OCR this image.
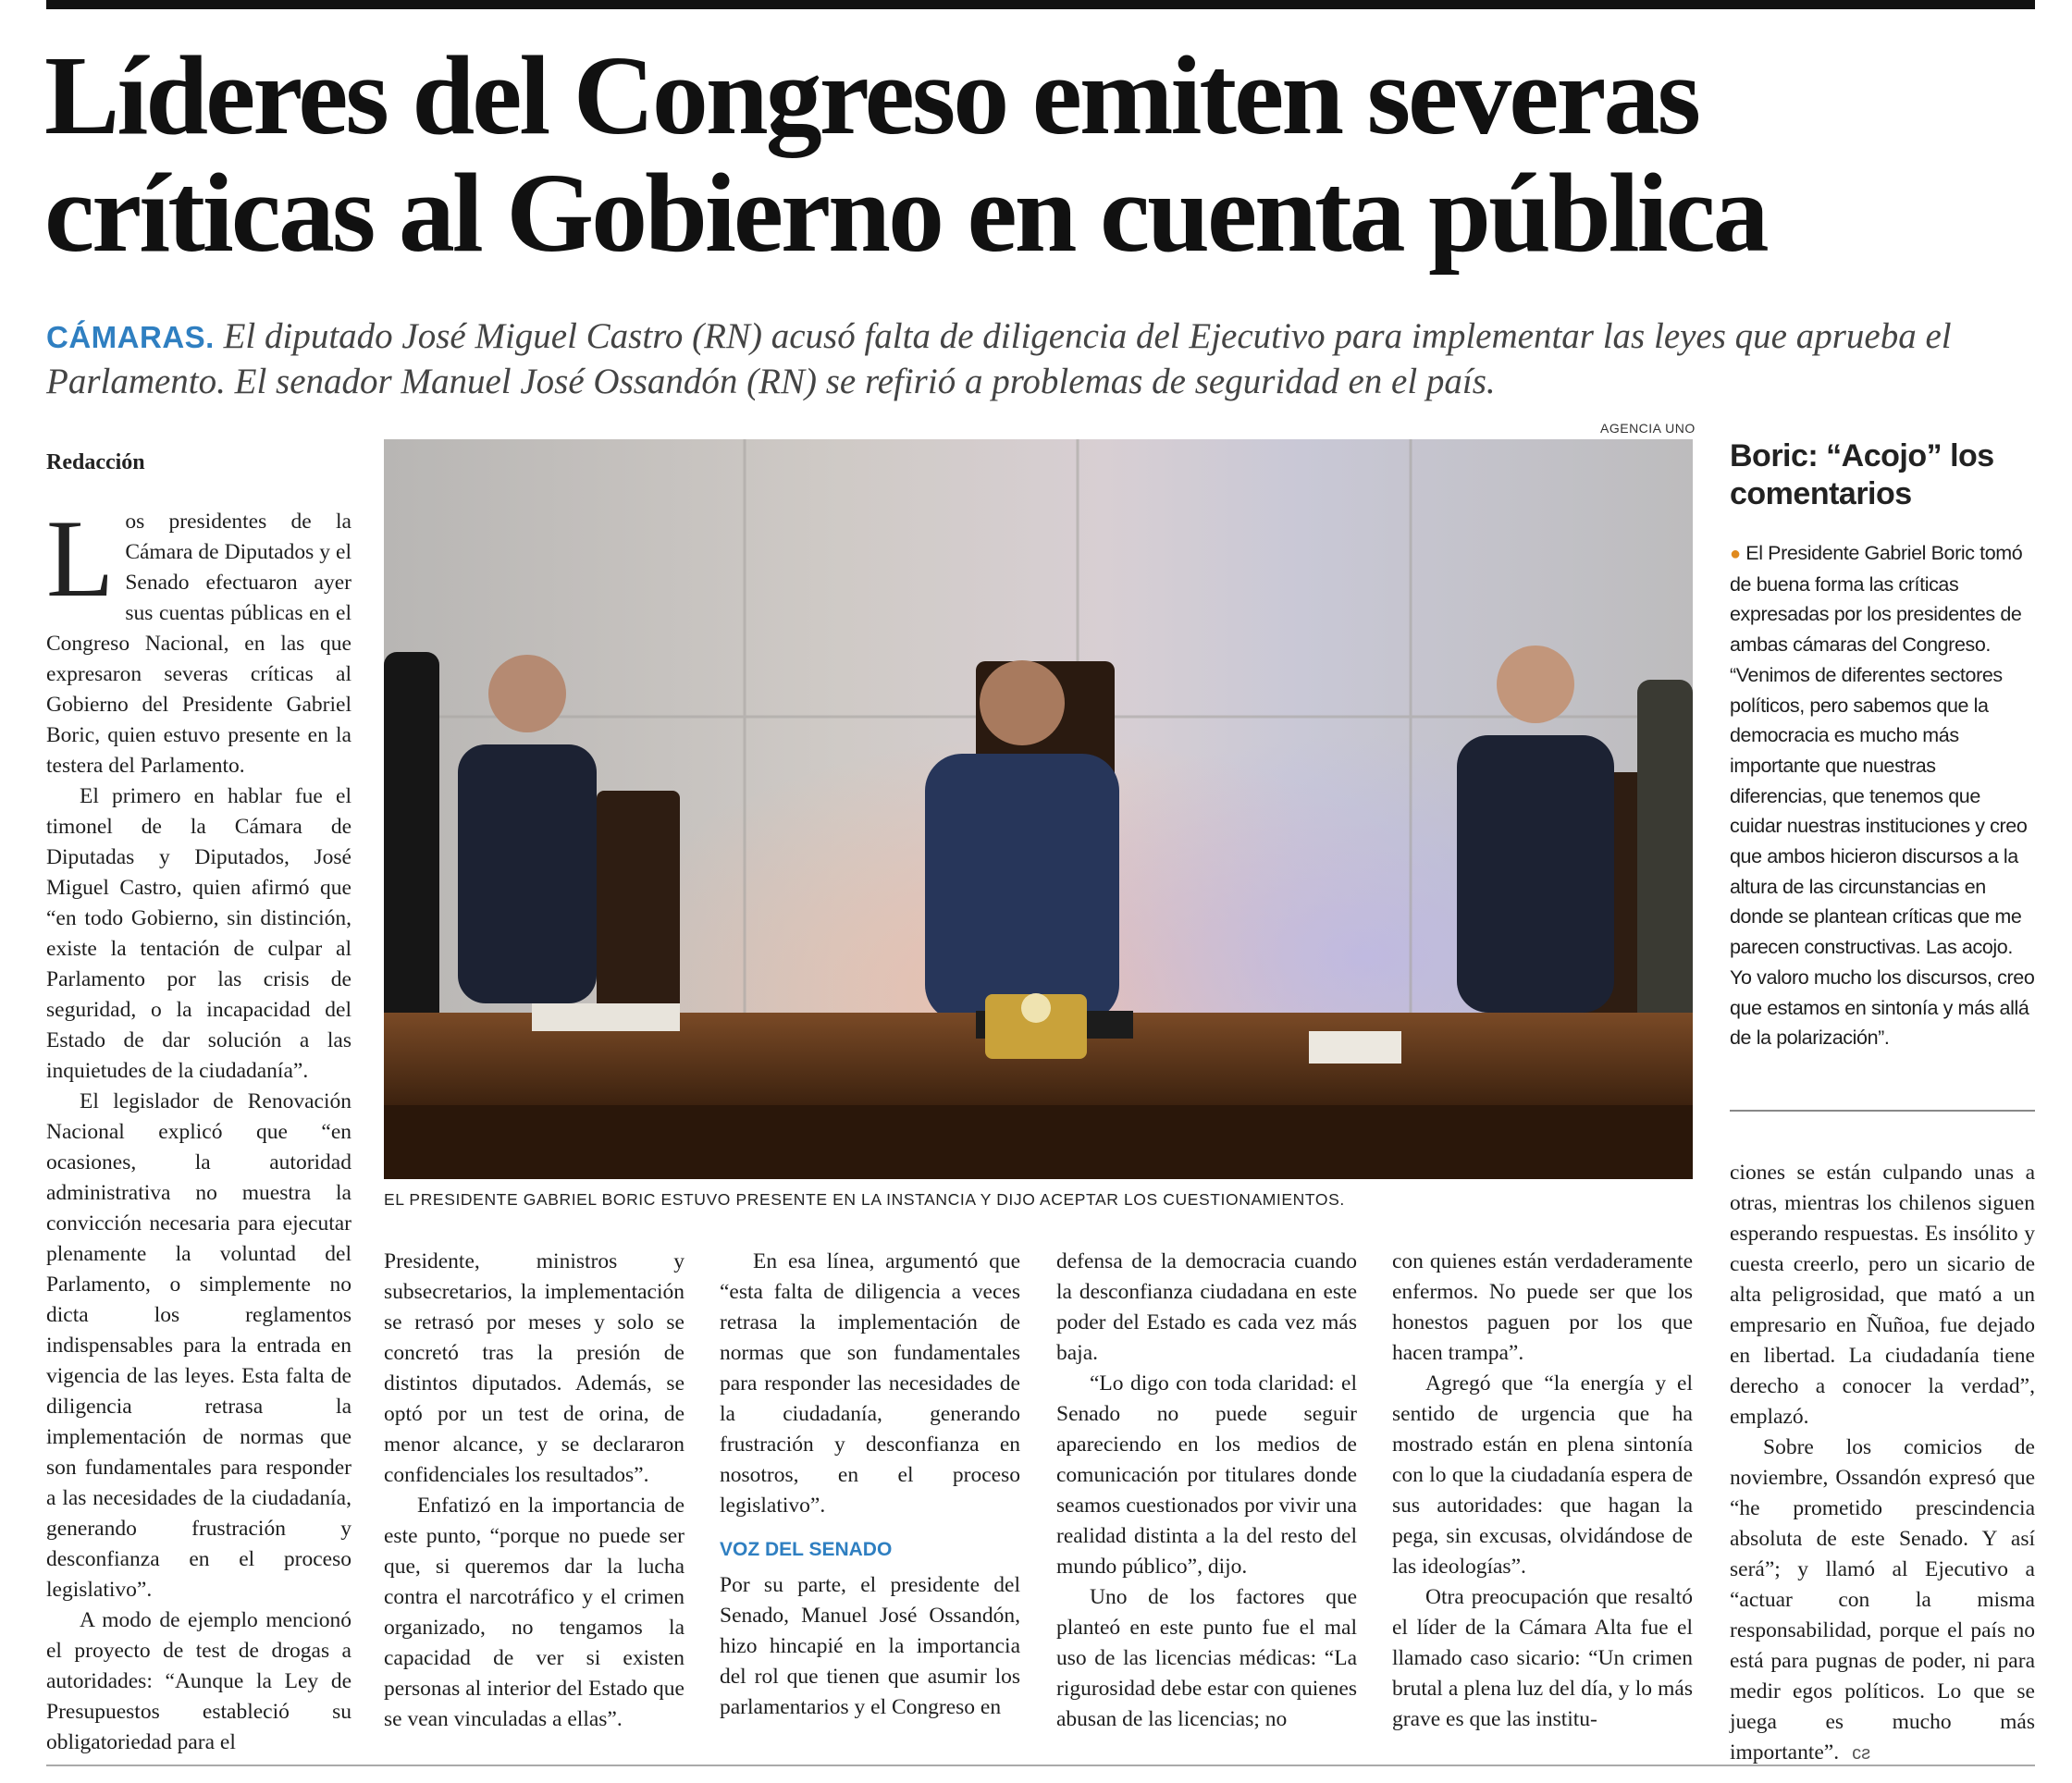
Líderes del Congreso emiten severas críticas al Gobierno en cuenta pública
CÁMARAS. El diputado José Miguel Castro (RN) acusó falta de diligencia del Ejecutivo para implementar las leyes que aprueba el Parlamento. El senador Manuel José Ossandón (RN) se refirió a problemas de seguridad en el país.
Redacción

Los presidentes de la Cámara de Diputados y el Senado efectuaron ayer sus cuentas públicas en el Congreso Nacional, en las que expresaron severas críticas al Gobierno del Presidente Gabriel Boric, quien estuvo presente en la testera del Parlamento.

El primero en hablar fue el timonel de la Cámara de Diputadas y Diputados, José Miguel Castro, quien afirmó que “en todo Gobierno, sin distinción, existe la tentación de culpar al Parlamento por las crisis de seguridad, o la incapacidad del Estado de dar solución a las inquietudes de la ciudadanía”.

El legislador de Renovación Nacional explicó que “en ocasiones, la autoridad administrativa no muestra la convicción necesaria para ejecutar plenamente la voluntad del Parlamento, o simplemente no dicta los reglamentos indispensables para la entrada en vigencia de las leyes. Esta falta de diligencia retrasa la implementación de normas que son fundamentales para responder a las necesidades de la ciudadanía, generando frustración y desconfianza en el proceso legislativo”.

A modo de ejemplo mencionó el proyecto de test de drogas a autoridades: “Aunque la Ley de Presupuestos estableció su obligatoriedad para el

AGENCIA UNO
EL PRESIDENTE GABRIEL BORIC ESTUVO PRESENTE EN LA INSTANCIA Y DIJO ACEPTAR LOS CUESTIONAMIENTOS.
Boric: “Acojo” los comentarios
● El Presidente Gabriel Boric tomó de buena forma las críticas expresadas por los presidentes de ambas cámaras del Congreso. “Venimos de diferentes sectores políticos, pero sabemos que la democracia es mucho más importante que nuestras diferencias, que tenemos que cuidar nuestras instituciones y creo que ambos hicieron discursos a la altura de las circunstancias en donde se plantean críticas que me parecen constructivas. Las acojo. Yo valoro mucho los discursos, creo que estamos en sintonía y más allá de la polarización”.

Presidente, ministros y subsecretarios, la implementación se retrasó por meses y solo se concretó tras la presión de distintos diputados. Además, se optó por un test de orina, de menor alcance, y se declararon confidenciales los resultados”.

Enfatizó en la importancia de este punto, “porque no puede ser que, si queremos dar la lucha contra el narcotráfico y el crimen organizado, no tengamos la capacidad de ver si existen personas al interior del Estado que se vean vinculadas a ellas”.

En esa línea, argumentó que “esta falta de diligencia a veces retrasa la implementación de normas que son fundamentales para responder las necesidades de la ciudadanía, generando frustración y desconfianza en nosotros, en el proceso legislativo”.

VOZ DEL SENADO

Por su parte, el presidente del Senado, Manuel José Ossandón, hizo hincapié en la importancia del rol que tienen que asumir los parlamentarios y el Congreso en

defensa de la democracia cuando la desconfianza ciudadana en este poder del Estado es cada vez más baja.

“Lo digo con toda claridad: el Senado no puede seguir apareciendo en los medios de comunicación por titulares donde seamos cuestionados por vivir una realidad distinta a la del resto del mundo público”, dijo.

Uno de los factores que planteó en este punto fue el mal uso de las licencias médicas: “La rigurosidad debe estar con quienes abusan de las licencias; no

con quienes están verdaderamente enfermos. No puede ser que los honestos paguen por los que hacen trampa”.

Agregó que “la energía y el sentido de urgencia que ha mostrado están en plena sintonía con lo que la ciudadanía espera de sus autoridades: que hagan la pega, sin excusas, olvidándose de las ideologías”.

Otra preocupación que resaltó el líder de la Cámara Alta fue el llamado caso sicario: “Un crimen brutal a plena luz del día, y lo más grave es que las institu-

ciones se están culpando unas a otras, mientras los chilenos siguen esperando respuestas. Es insólito y cuesta creerlo, pero un sicario de alta peligrosidad, que mató a un empresario en Ñuñoa, fue dejado en libertad. La ciudadanía tiene derecho a conocer la verdad”, emplazó.

Sobre los comicios de noviembre, Ossandón expresó que “he prometido prescindencia absoluta de este Senado. Y así será”; y llamó al Ejecutivo a “actuar con la misma responsabilidad, porque el país no está para pugnas de poder, ni para medir egos políticos. Lo que se juega es mucho más importante”. ᴄƨ
